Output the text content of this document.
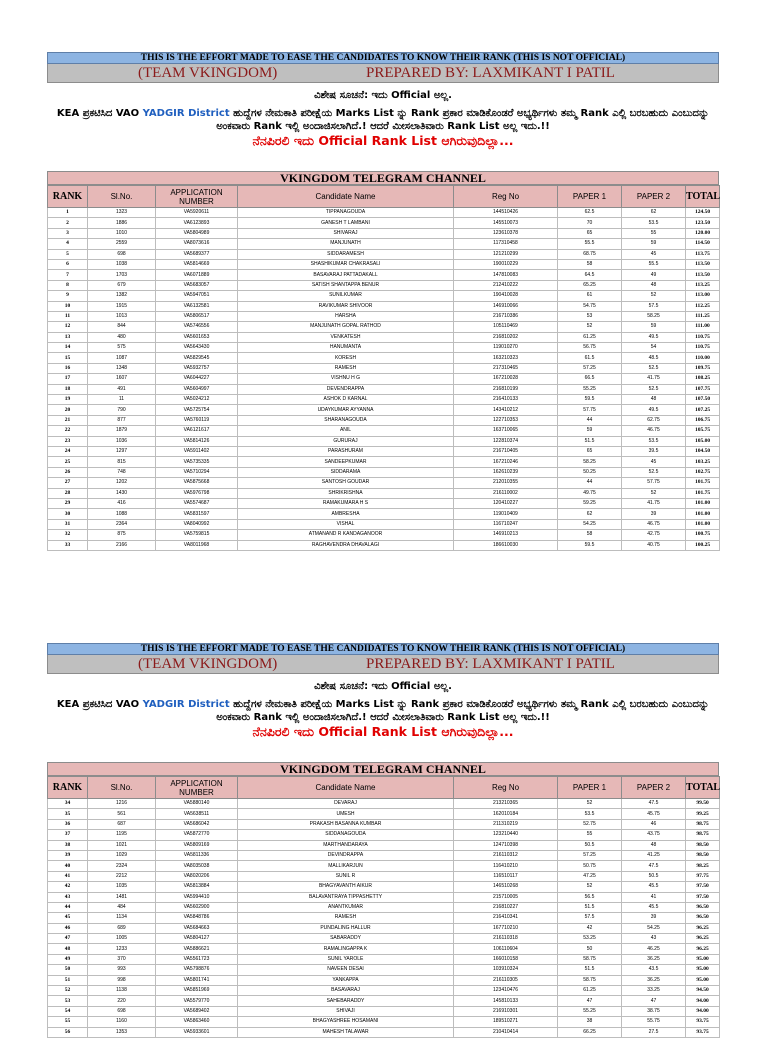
THIS IS THE EFFORT MADE TO EASE THE CANDIDATES TO KNOW THEIR RANK (THIS IS NOT OFFICIAL)
(TEAM VKINGDOM)	PREPARED BY: LAXMIKANT I PATIL
ವಿಶೇಷ ಸೂಚನೆ: ಇದು Official ಅಲ್ಲ.
KEA ಪ್ರಕಟಿಸಿದ VAO YADGIR District ಹುದ್ದೆಗಳ ನೇಮಕಾತಿ ಪರೀಕ್ಷೆಯ Marks List ನ್ನು Rank ಪ್ರಕಾರ ಮಾಡಿಕೊಂಡರೆ ಅಭ್ಯರ್ಥಿಗಳು ತಮ್ಮ Rank ಎಲ್ಲಿ ಬರಬಹುದು ಎಂಬುದನ್ನು ಅಂಕವಾರು Rank ಇಲ್ಲಿ ಅಂದಾಜಿಸಲಾಗಿದೆ.! ಆದರೆ ಮೀಸಲಾತಿವಾರು Rank List ಅಲ್ಲ ಇದು.!!
ನೆನಪಿರಲಿ ಇದು Official Rank List ಆಗಿರುವುದಿಲ್ಲಾ...
VKINGDOM TELEGRAM CHANNEL
RANK	Sl.No.	APPLICATION NUMBER	Candidate Name	Reg No	PAPER 1	PAPER 2	TOTAL
1	1323	VA5920611	TIPPANAGOUDA	144510426	62.5	62	124.50
2	1886	VA6123893	GANESH T LAMBANI	145510073	70	53.5	123.50
3	1010	VA5804989	SHIVARAJ	123610378	65	55	120.00
4	2559	VA8073616	MANJUNATH	117310458	55.5	59	114.50
5	698	VA5689377	SIDDARAMESH	121210299	68.75	45	113.75
6	1038	VA5814669	SHASHIKUMAR CHAKRASALI	190010229	58	55.5	113.50
7	1703	VA6071889	BASAVARAJ PATTADAKALL	147810083	64.5	49	113.50
8	679	VA5683057	SATISH SHANTAPPA BENUR	212410222	65.25	48	113.25
9	1382	VA5947051	SUNILKUMAR	190410028	61	52	113.00
10	1915	VA6132581	RAVIKUMAR SHIVOOR	146910066	54.75	57.5	112.25
11	1013	VA5806517	HARSHA	216710386	53	58.25	111.25
12	844	VA5746556	MANJUNATH GOPAL RATHOD	105110469	52	59	111.00
13	480	VA5601653	VENKATESH	216810202	61.25	49.5	110.75
14	575	VA5643430	HANUMANTA	119010270	56.75	54	110.75
15	1087	VA5829545	KORESH	163210323	61.5	48.5	110.00
16	1348	VA5932757	RAMESH	217310465	57.25	52.5	109.75
17	1607	VA6044227	VISHNU H G	167210028	66.5	41.75	108.25
18	491	VA5604997	DEVENDRAPPA	216810199	55.25	52.5	107.75
19	11	VA5024212	ASHOK D KARNAL	216410133	59.5	48	107.50
20	790	VA5725754	UDAYKUMAR AYYANNA	143410212	57.75	49.5	107.25
21	877	VA5760119	SHARANAGOUDA	122710353	44	62.75	106.75
22	1879	VA6121617	ANIL	163710065	59	46.75	105.75
23	1036	VA5814126	GURURAJ	122810374	51.5	53.5	105.00
24	1297	VA5911402	PARASHURAM	216710405	65	39.5	104.50
25	815	VA5735335	SANDEEPKUMAR	167210246	58.25	45	103.25
26	748	VA5710294	SIDDARAMA	162610239	50.25	52.5	102.75
27	1202	VA5875668	SANTOSH GOUDAR	212010355	44	57.75	101.75
28	1430	VA5976798	SHRIKRISHNA	216110002	49.75	52	101.75
29	416	VA5574687	RAMAKUMARA H S	120410227	59.25	41.75	101.00
30	1088	VA5831597	AMBRESHA	119010409	62	39	101.00
31	2364	VA8040992	VISHAL	116710247	54.25	46.75	101.00
32	875	VA5759815	ATMANAND R KANDAGANOOR	146910213	58	42.75	100.75
33	2166	VA8011968	RAGHAVENDRA DHAVALAGI	186610030	59.5	40.75	100.25
THIS IS THE EFFORT MADE TO EASE THE CANDIDATES TO KNOW THEIR RANK (THIS IS NOT OFFICIAL)
(TEAM VKINGDOM)	PREPARED BY: LAXMIKANT I PATIL
ವಿಶೇಷ ಸೂಚನೆ: ಇದು Official ಅಲ್ಲ.
KEA ಪ್ರಕಟಿಸಿದ VAO YADGIR District ಹುದ್ದೆಗಳ ನೇಮಕಾತಿ ಪರೀಕ್ಷೆಯ Marks List ನ್ನು Rank ಪ್ರಕಾರ ಮಾಡಿಕೊಂಡರೆ ಅಭ್ಯರ್ಥಿಗಳು ತಮ್ಮ Rank ಎಲ್ಲಿ ಬರಬಹುದು ಎಂಬುದನ್ನು ಅಂಕವಾರು Rank ಇಲ್ಲಿ ಅಂದಾಜಿಸಲಾಗಿದೆ.! ಆದರೆ ಮೀಸಲಾತಿವಾರು Rank List ಅಲ್ಲ ಇದು.!!
ನೆನಪಿರಲಿ ಇದು Official Rank List ಆಗಿರುವುದಿಲ್ಲಾ...
VKINGDOM TELEGRAM CHANNEL
RANK	Sl.No.	APPLICATION NUMBER	Candidate Name	Reg No	PAPER 1	PAPER 2	TOTAL
34	1216	VA5880140	DEVARAJ	213210365	52	47.5	99.50
35	561	VA5638511	UMESH	162010184	53.5	45.75	99.25
36	687	VA5686042	PRAKASH BASANNA KUMBAR	211310219	52.75	46	98.75
37	1195	VA5872770	SIDDANAGOUDA	123210440	55	43.75	98.75
38	1021	VA5809169	MARTHANDARAYA	124710398	50.5	48	98.50
39	1029	VA5811336	DEVINDRAPPA	216110312	57.25	41.25	98.50
40	2324	VA8035038	MALLIKARJUN	116410210	50.75	47.5	98.25
41	2212	VA8020206	SUNIL R	116510117	47.25	50.5	97.75
42	1035	VA5813884	BHAGYAVANTH AIKUR	146510268	52	45.5	97.50
43	1481	VA5994410	BALAVANTRAYA TIPPASHETTY	215710005	56.5	41	97.50
44	484	VA5602900	ANANTKUMAR	216810227	51.5	45.5	96.50
45	1134	VA5848786	RAMESH	216410341	57.5	39	96.50
46	689	VA5684663	PUNDALING HALLUR	167710210	42	54.25	96.25
47	1005	VA5804127	SABARADDY	216110318	53.25	43	96.25
48	1233	VA5886621	RAMALINGAPPA K	106110604	50	46.25	96.25
49	370	VA5561723	SUNIL YAROLE	166010158	58.75	36.25	95.00
50	993	VA5798876	NAVEEN DESAI	103910324	51.5	43.5	95.00
51	998	VA5801741	YANKAPPA	216110305	58.75	36.25	95.00
52	1138	VA5851969	BASAVARAJ	123410476	61.25	33.25	94.50
53	220	VA5579770	SAHEBARADDY	145810133	47	47	94.00
54	698	VA5689402	SHIVAJI	216910301	55.25	38.75	94.00
55	1160	VA5863460	BHAGYASHREE HOSAMANI	189510271	38	55.75	93.75
56	1353	VA5933601	MAHESH TALAWAR	210410414	66.25	27.5	93.75
